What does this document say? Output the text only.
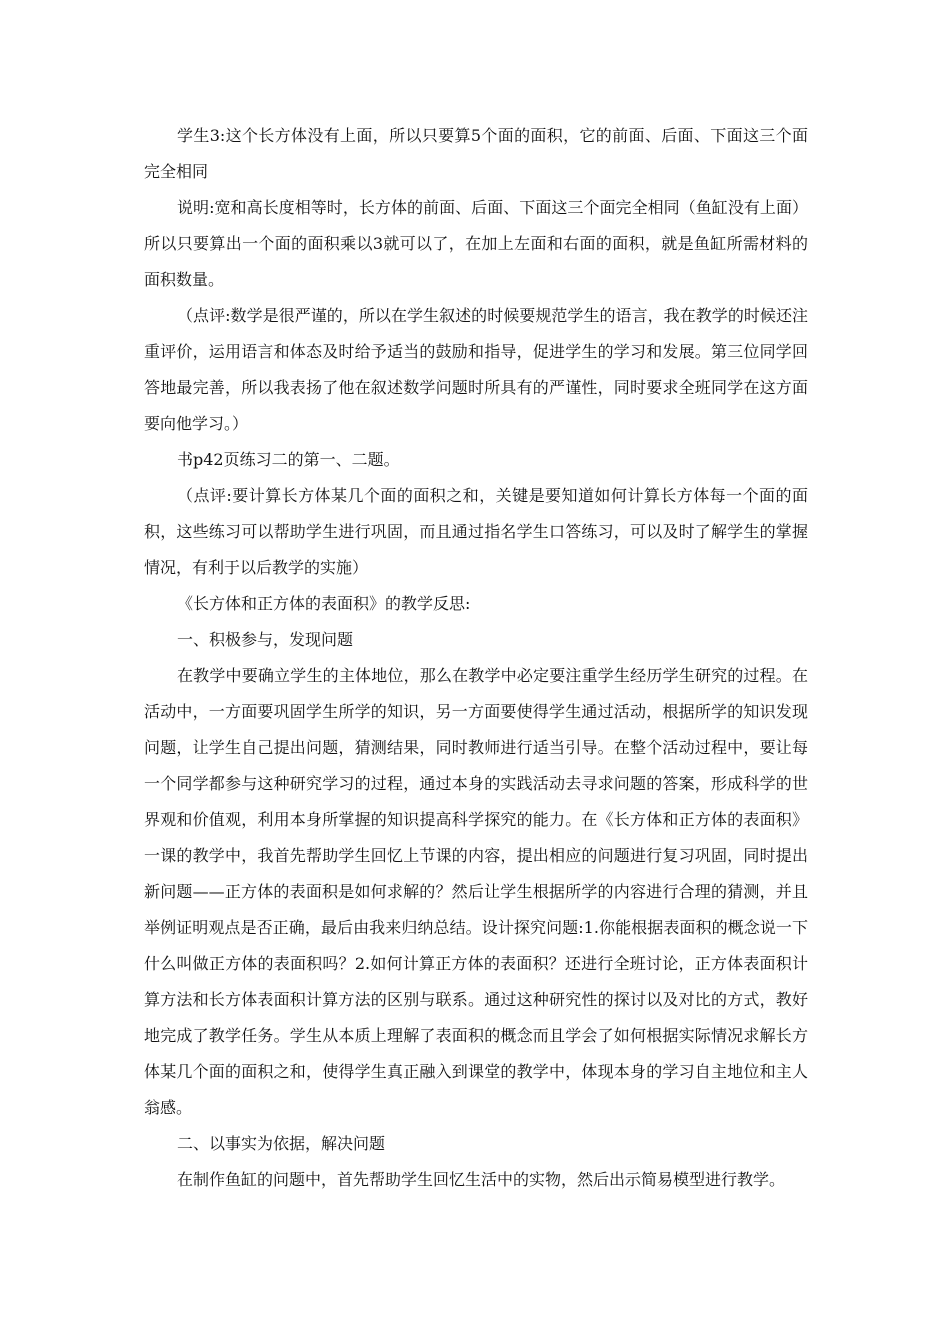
学生3:这个长方体没有上面，所以只要算5个面的面积，它的前面、后面、下面这三个面完全相同

说明:宽和高长度相等时，长方体的前面、后面、下面这三个面完全相同（鱼缸没有上面）所以只要算出一个面的面积乘以3就可以了，在加上左面和右面的面积，就是鱼缸所需材料的面积数量。

（点评:数学是很严谨的，所以在学生叙述的时候要规范学生的语言，我在教学的时候还注重评价，运用语言和体态及时给予适当的鼓励和指导，促进学生的学习和发展。第三位同学回答地最完善，所以我表扬了他在叙述数学问题时所具有的严谨性，同时要求全班同学在这方面要向他学习。）

书p42页练习二的第一、二题。

（点评:要计算长方体某几个面的面积之和，关键是要知道如何计算长方体每一个面的面积，这些练习可以帮助学生进行巩固，而且通过指名学生口答练习，可以及时了解学生的掌握情况，有利于以后教学的实施）

《长方体和正方体的表面积》的教学反思:

一、积极参与，发现问题

在教学中要确立学生的主体地位，那么在教学中必定要注重学生经历学生研究的过程。在活动中，一方面要巩固学生所学的知识，另一方面要使得学生通过活动，根据所学的知识发现问题，让学生自己提出问题，猜测结果，同时教师进行适当引导。在整个活动过程中，要让每一个同学都参与这种研究学习的过程，通过本身的实践活动去寻求问题的答案，形成科学的世界观和价值观，利用本身所掌握的知识提高科学探究的能力。在《长方体和正方体的表面积》一课的教学中，我首先帮助学生回忆上节课的内容，提出相应的问题进行复习巩固，同时提出新问题——正方体的表面积是如何求解的？然后让学生根据所学的内容进行合理的猜测，并且举例证明观点是否正确，最后由我来归纳总结。设计探究问题:1.你能根据表面积的概念说一下什么叫做正方体的表面积吗？2.如何计算正方体的表面积？还进行全班讨论，正方体表面积计算方法和长方体表面积计算方法的区别与联系。通过这种研究性的探讨以及对比的方式，教好地完成了教学任务。学生从本质上理解了表面积的概念而且学会了如何根据实际情况求解长方体某几个面的面积之和，使得学生真正融入到课堂的教学中，体现本身的学习自主地位和主人翁感。

二、以事实为依据，解决问题

在制作鱼缸的问题中，首先帮助学生回忆生活中的实物，然后出示简易模型进行教学。
